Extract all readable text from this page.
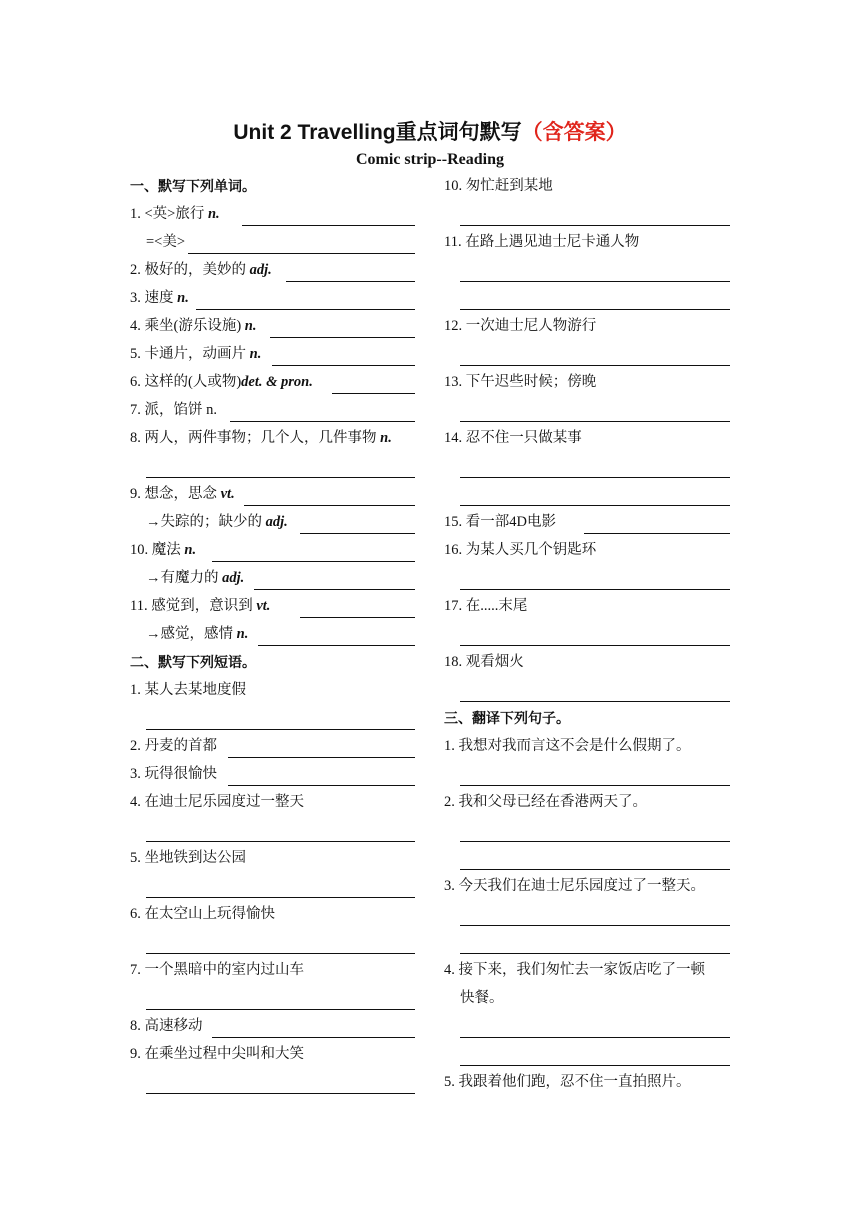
Unit 2 Travelling重点词句默写（含答案）
Comic strip--Reading
一、默写下列单词。
1. <英>旅行 n.
=<美>
2. 极好的，美妙的 adj.
3. 速度 n.
4. 乘坐(游乐设施) n.
5. 卡通片，动画片 n.
6. 这样的(人或物)det. & pron.
7. 派，馅饼 n.
8. 两人，两件事物；几个人，几件事物 n.
9. 想念，思念 vt.
→失踪的；缺少的 adj.
10. 魔法 n.
→有魔力的 adj.
11. 感觉到，意识到 vt.
→感觉，感情 n.
二、默写下列短语。
1. 某人去某地度假
2. 丹麦的首都
3. 玩得很愉快
4. 在迪士尼乐园度过一整天
5. 坐地铁到达公园
6. 在太空山上玩得愉快
7. 一个黑暗中的室内过山车
8. 高速移动
9. 在乘坐过程中尖叫和大笑
10. 匆忙赶到某地
11. 在路上遇见迪士尼卡通人物
12. 一次迪士尼人物游行
13. 下午迟些时候；傍晚
14. 忍不住一只做某事
15. 看一部4D电影
16. 为某人买几个钥匙环
17. 在.....末尾
18. 观看烟火
三、翻译下列句子。
1. 我想对我而言这不会是什么假期了。
2. 我和父母已经在香港两天了。
3. 今天我们在迪士尼乐园度过了一整天。
4. 接下来，我们匆忙去一家饭店吃了一顿
快餐。
5. 我跟着他们跑，忍不住一直拍照片。
